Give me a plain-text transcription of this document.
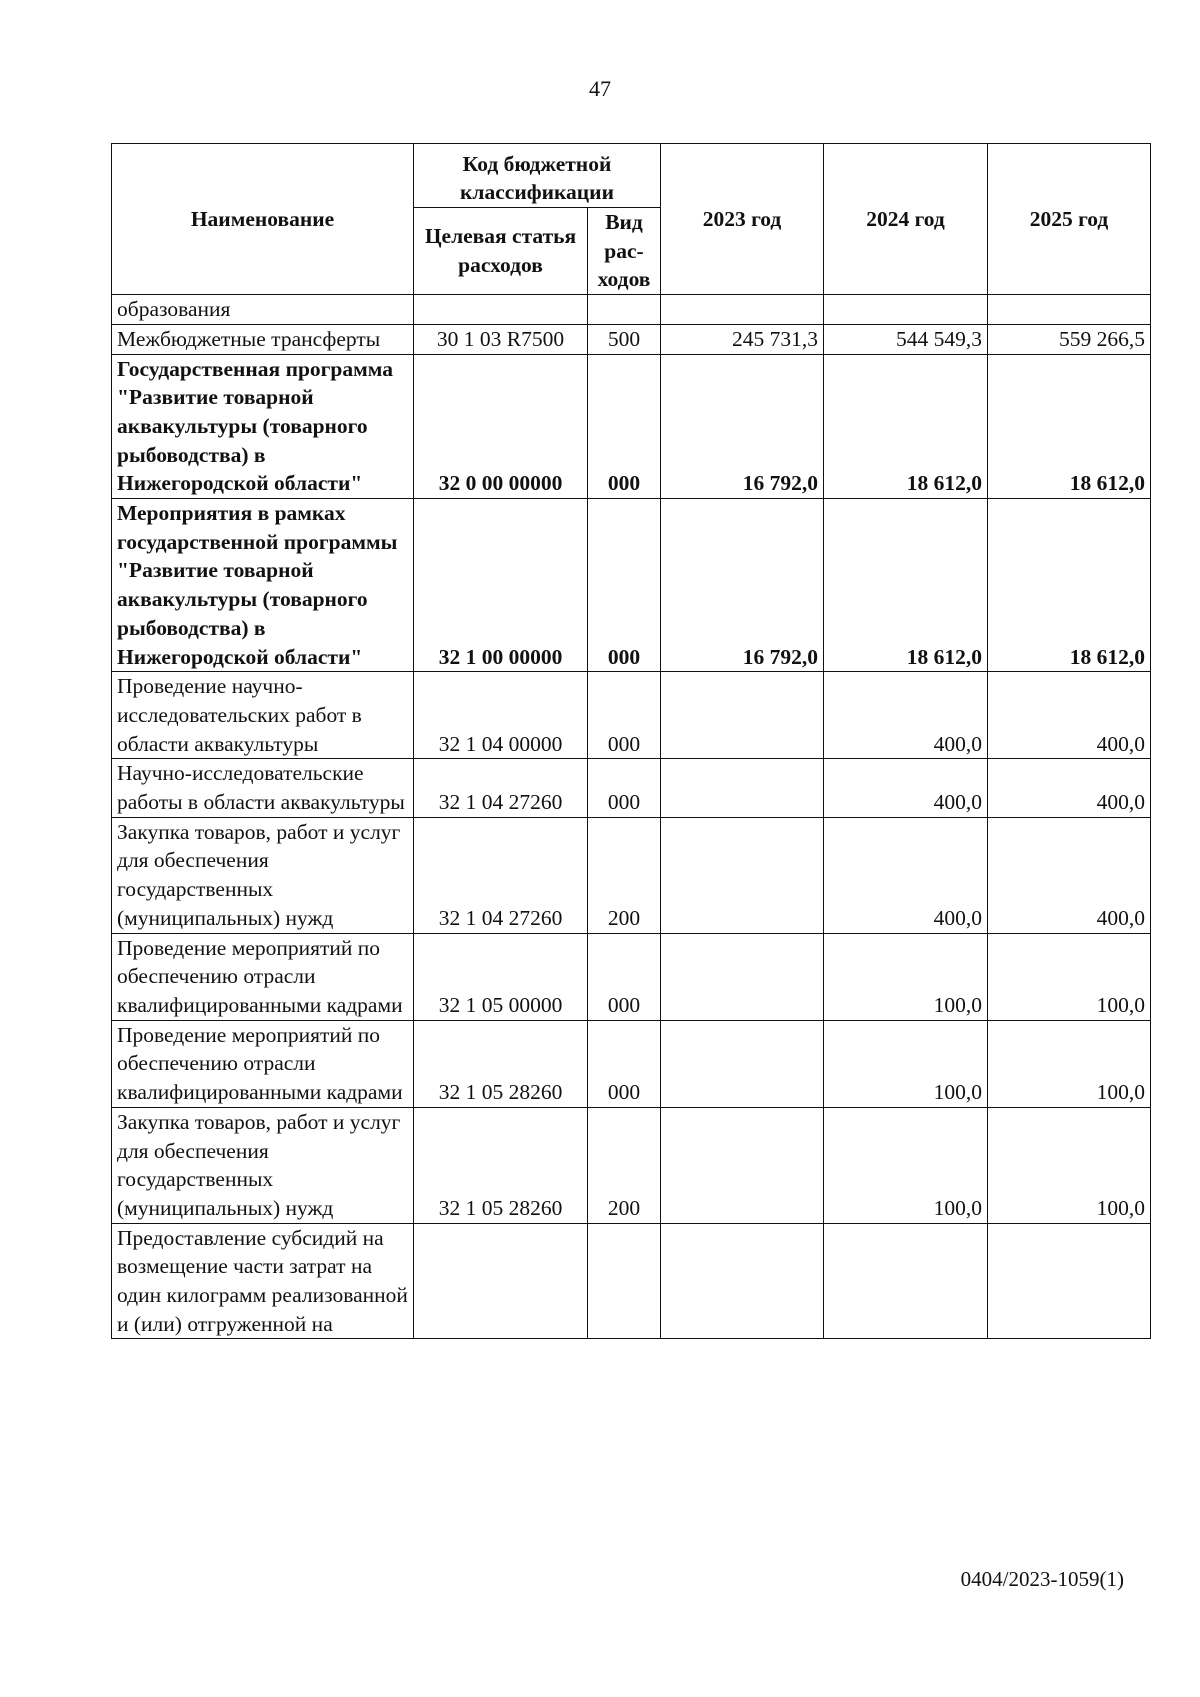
47
Наименование	Код бюджетной классификации		2023 год	2024 год	2025 год
	Целевая статья расходов	Вид рас-ходов			
образования					
Межбюджетные трансферты	30 1 03 R7500	500	245 731,3	544 549,3	559 266,5
Государственная программа "Развитие товарной аквакультуры (товарного рыбоводства) в Нижегородской области"	32 0 00 00000	000	16 792,0	18 612,0	18 612,0
Мероприятия в рамках государственной программы "Развитие товарной аквакультуры (товарного рыбоводства) в Нижегородской области"	32 1 00 00000	000	16 792,0	18 612,0	18 612,0
Проведение научно-исследовательских работ в области аквакультуры	32 1 04 00000	000		400,0	400,0
Научно-исследовательские работы в области аквакультуры	32 1 04 27260	000		400,0	400,0
Закупка товаров, работ и услуг для обеспечения государственных (муниципальных) нужд	32 1 04 27260	200		400,0	400,0
Проведение мероприятий по обеспечению отрасли квалифицированными кадрами	32 1 05 00000	000		100,0	100,0
Проведение мероприятий по обеспечению отрасли квалифицированными кадрами	32 1 05 28260	000		100,0	100,0
Закупка товаров, работ и услуг для обеспечения государственных (муниципальных) нужд	32 1 05 28260	200		100,0	100,0
Предоставление субсидий на возмещение части затрат на один килограмм реализованной и (или) отгруженной на					
0404/2023-1059(1)
